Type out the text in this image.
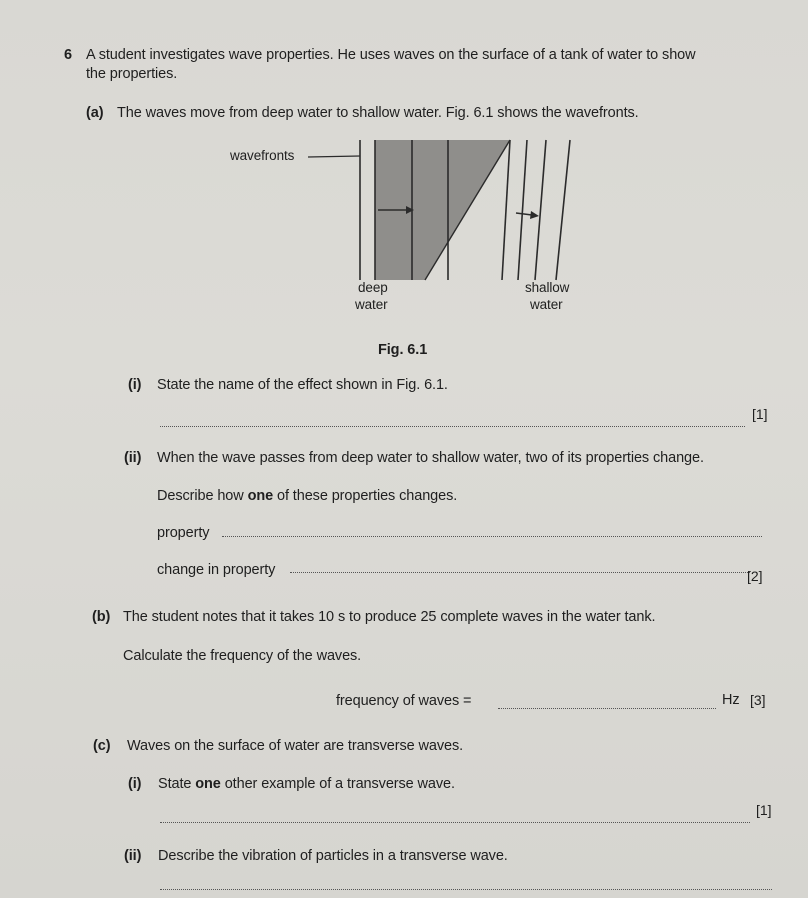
6 A student investigates wave properties. He uses waves on the surface of a tank of water to show
the properties.
(a) The waves move from deep water to shallow water. Fig. 6.1 shows the wavefronts.
wavefronts
deep
water
shallow
water
Fig. 6.1
(i) State the name of the effect shown in Fig. 6.1.
[1]
(ii) When the wave passes from deep water to shallow water, two of its properties change.
Describe how one of these properties changes.
property
change in property	[2]
(b) The student notes that it takes 10 s to produce 25 complete waves in the water tank.
Calculate the frequency of the waves.
frequency of waves =	Hz [3]
(c) Waves on the surface of water are transverse waves.
(i) State one other example of a transverse wave.
[1]
(ii) Describe the vibration of particles in a transverse wave.
